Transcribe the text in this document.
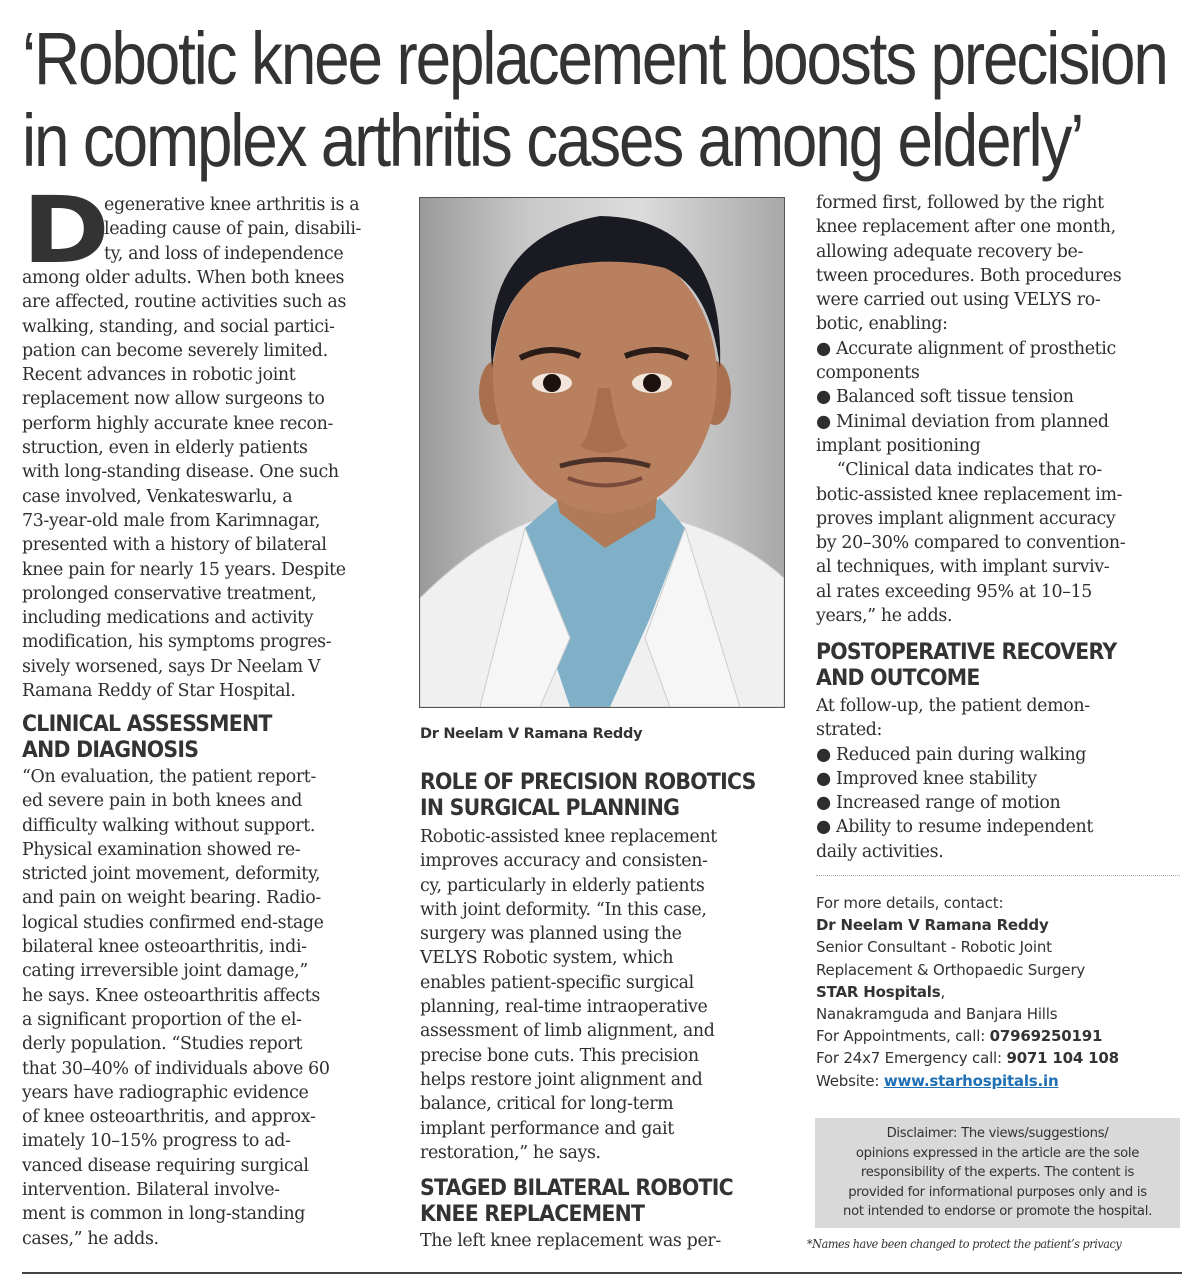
‘Robotic knee replacement boosts precision
in complex arthritis cases among elderly’
D
egenerative knee arthritis is a
leading cause of pain, disabili-
ty, and loss of independence
among older adults. When both knees
are affected, routine activities such as
walking, standing, and social partici-
pation can become severely limited.
Recent advances in robotic joint
replacement now allow surgeons to
perform highly accurate knee recon-
struction, even in elderly patients
with long-standing disease. One such
case involved, Venkateswarlu, a
73-year-old male from Karimnagar,
presented with a history of bilateral
knee pain for nearly 15 years. Despite
prolonged conservative treatment,
including medications and activity
modification, his symptoms progres-
sively worsened, says Dr Neelam V
Ramana Reddy of Star Hospital.
CLINICAL ASSESSMENT
AND DIAGNOSIS
“On evaluation, the patient report-
ed severe pain in both knees and
difficulty walking without support.
Physical examination showed re-
stricted joint movement, deformity,
and pain on weight bearing. Radio-
logical studies confirmed end-stage
bilateral knee osteoarthritis, indi-
cating irreversible joint damage,”
he says. Knee osteoarthritis affects
a significant proportion of the el-
derly population. “Studies report
that 30–40% of individuals above 60
years have radiographic evidence
of knee osteoarthritis, and approx-
imately 10–15% progress to ad-
vanced disease requiring surgical
intervention. Bilateral involve-
ment is common in long-standing
cases,” he adds.
Dr Neelam V Ramana Reddy
ROLE OF PRECISION ROBOTICS
IN SURGICAL PLANNING
Robotic-assisted knee replacement
improves accuracy and consisten-
cy, particularly in elderly patients
with joint deformity. “In this case,
surgery was planned using the
VELYS Robotic system, which
enables patient-specific surgical
planning, real-time intraoperative
assessment of limb alignment, and
precise bone cuts. This precision
helps restore joint alignment and
balance, critical for long-term
implant performance and gait
restoration,” he says.
STAGED BILATERAL ROBOTIC
KNEE REPLACEMENT
The left knee replacement was per-
formed first, followed by the right
knee replacement after one month,
allowing adequate recovery be-
tween procedures. Both procedures
were carried out using VELYS ro-
botic, enabling:
● Accurate alignment of prosthetic
components
● Balanced soft tissue tension
● Minimal deviation from planned
implant positioning
“Clinical data indicates that ro-
botic-assisted knee replacement im-
proves implant alignment accuracy
by 20–30% compared to convention-
al techniques, with implant surviv-
al rates exceeding 95% at 10–15
years,” he adds.
POSTOPERATIVE RECOVERY
AND OUTCOME
At follow-up, the patient demon-
strated:
● Reduced pain during walking
● Improved knee stability
● Increased range of motion
● Ability to resume independent
daily activities.
For more details, contact:
Dr Neelam V Ramana Reddy
Senior Consultant - Robotic Joint
Replacement & Orthopaedic Surgery
STAR Hospitals,
Nanakramguda and Banjara Hills
For Appointments, call: 07969250191
For 24x7 Emergency call: 9071 104 108
Website: www.starhospitals.in
Disclaimer: The views/suggestions/
opinions expressed in the article are the sole
responsibility of the experts. The content is
provided for informational purposes only and is
not intended to endorse or promote the hospital.
*Names have been changed to protect the patient’s privacy
